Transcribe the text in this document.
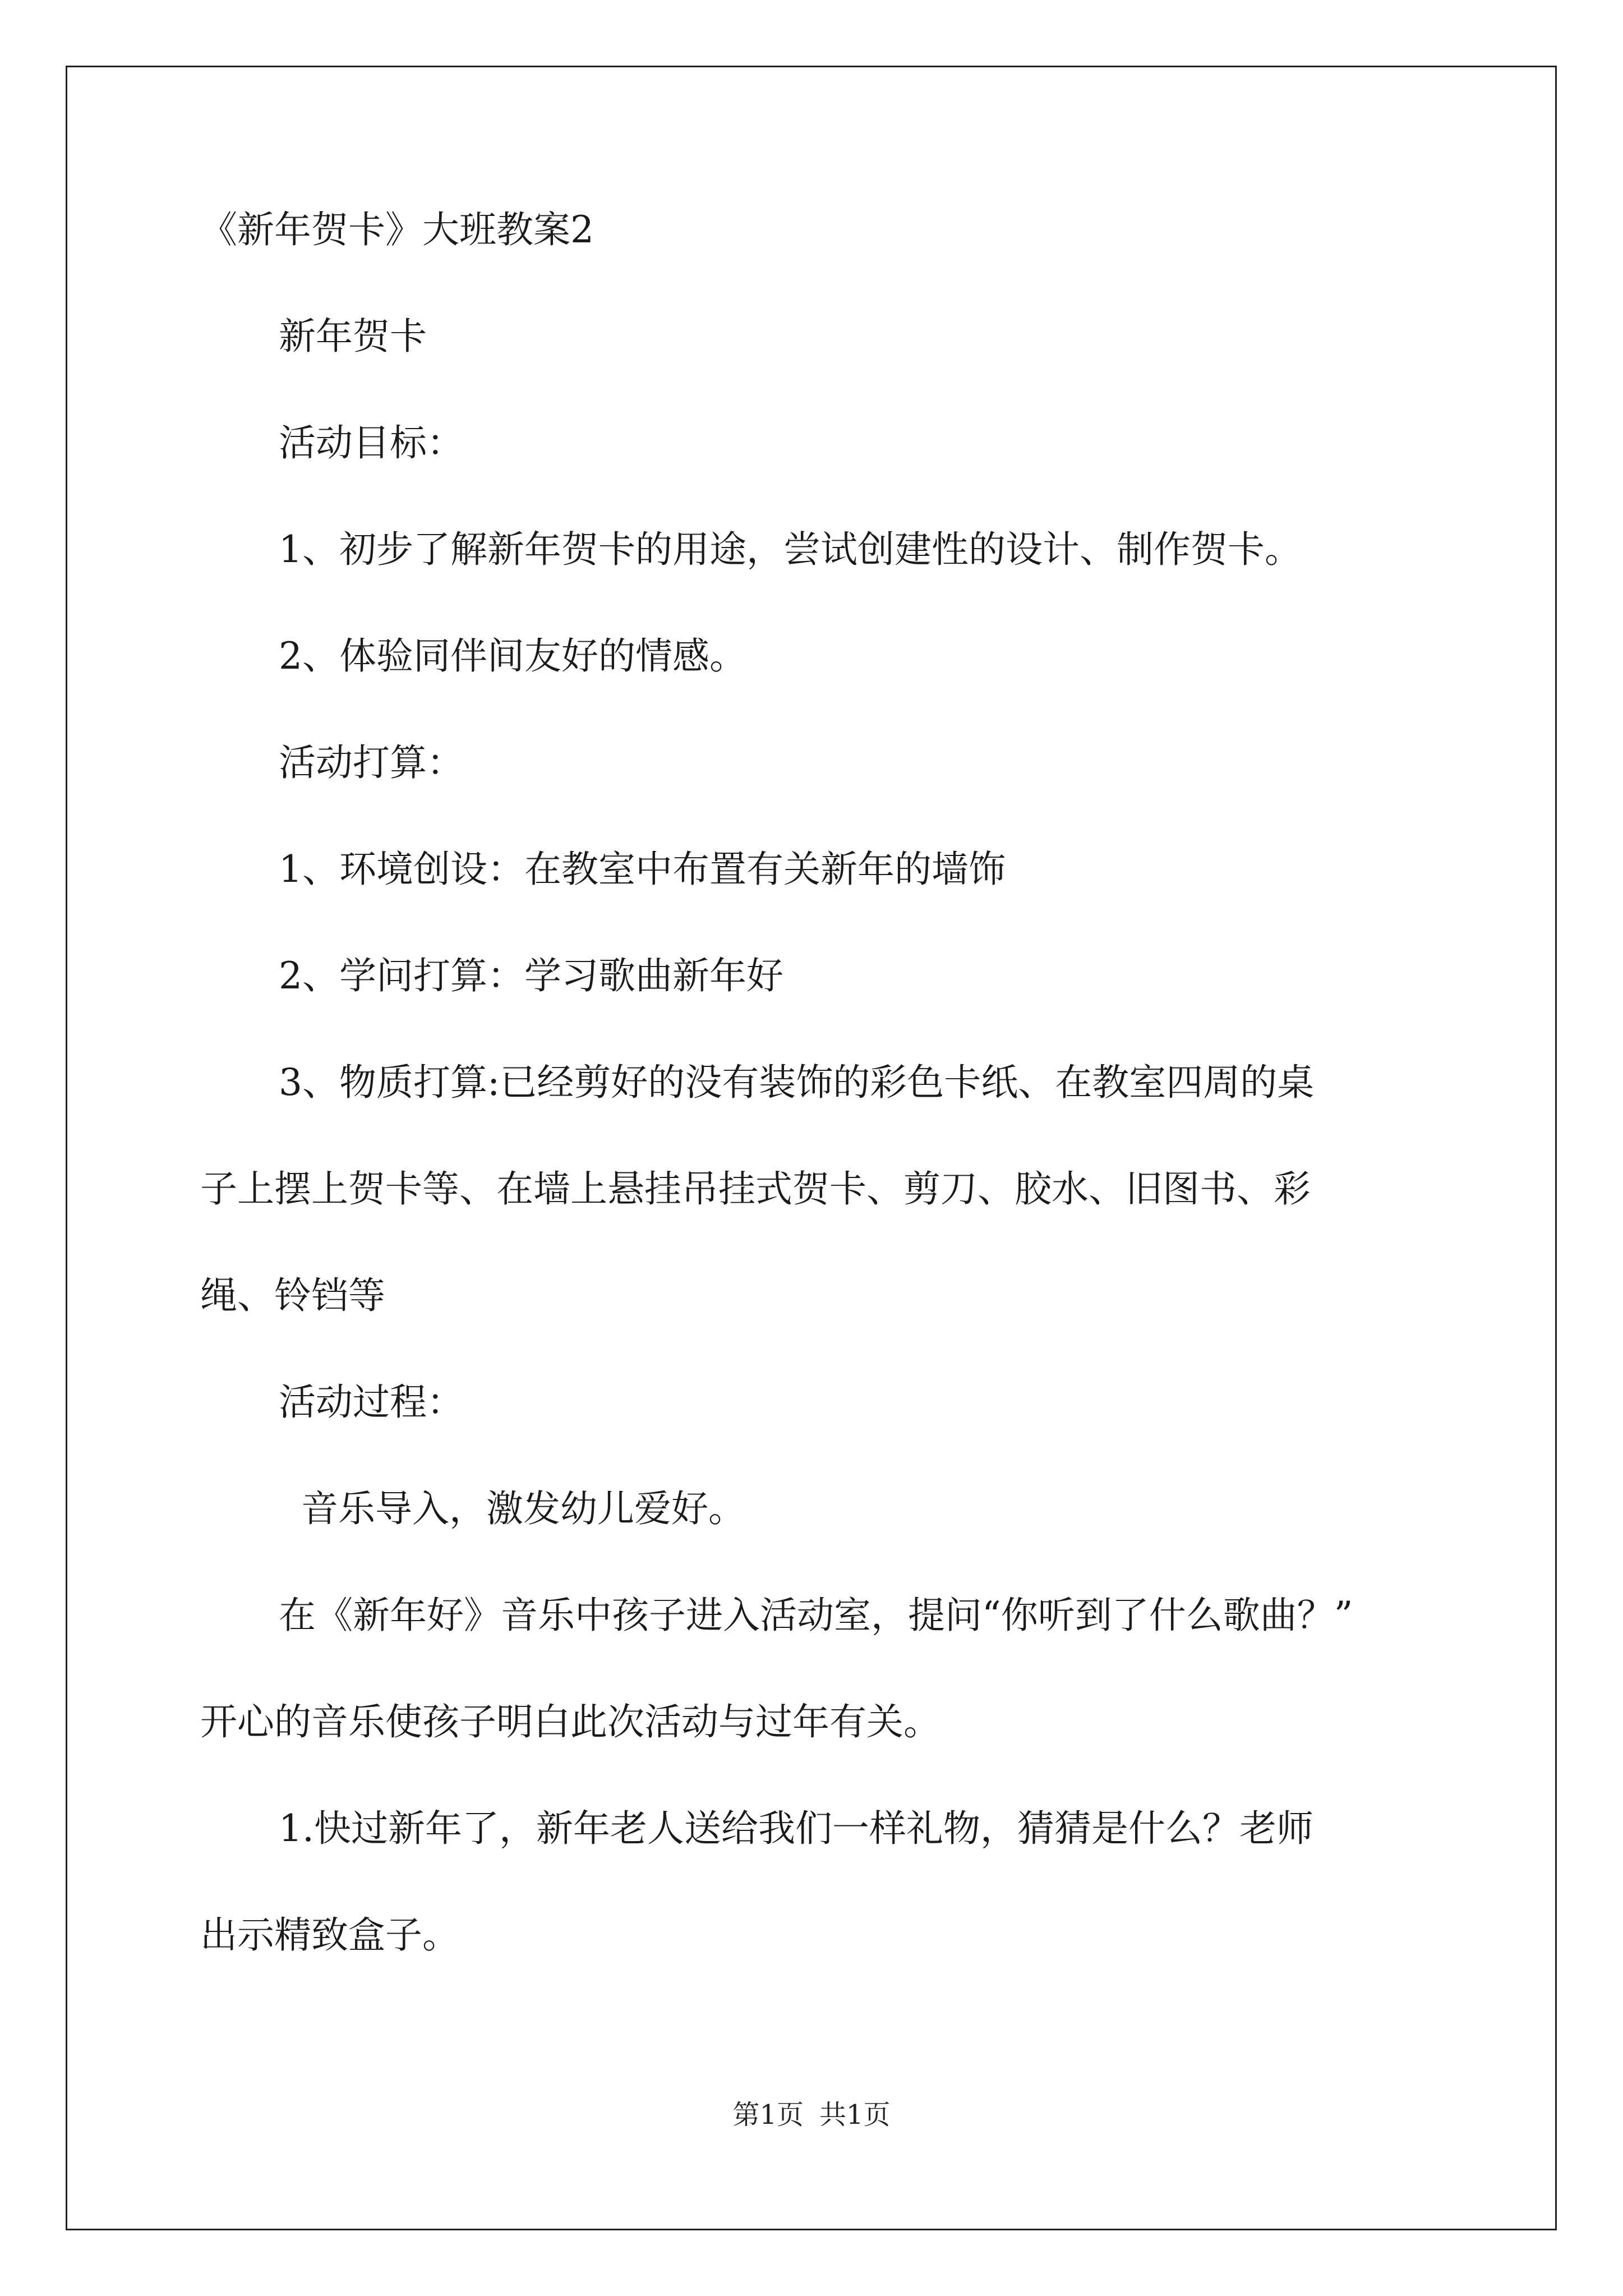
《新年贺卡》大班教案2
新年贺卡
活动目标：
1、初步了解新年贺卡的用途，尝试创建性的设计、制作贺卡。
2、体验同伴间友好的情感。
活动打算：
1、环境创设：在教室中布置有关新年的墙饰
2、学问打算：学习歌曲新年好
3、物质打算:已经剪好的没有装饰的彩色卡纸、在教室四周的桌
子上摆上贺卡等、在墙上悬挂吊挂式贺卡、剪刀、胶水、旧图书、彩
绳、铃铛等
活动过程：
音乐导入，激发幼儿爱好。
在《新年好》音乐中孩子进入活动室，提问“你听到了什么歌曲？”
开心的音乐使孩子明白此次活动与过年有关。
1.快过新年了，新年老人送给我们一样礼物，猜猜是什么？老师
出示精致盒子。
第1页 共1页
